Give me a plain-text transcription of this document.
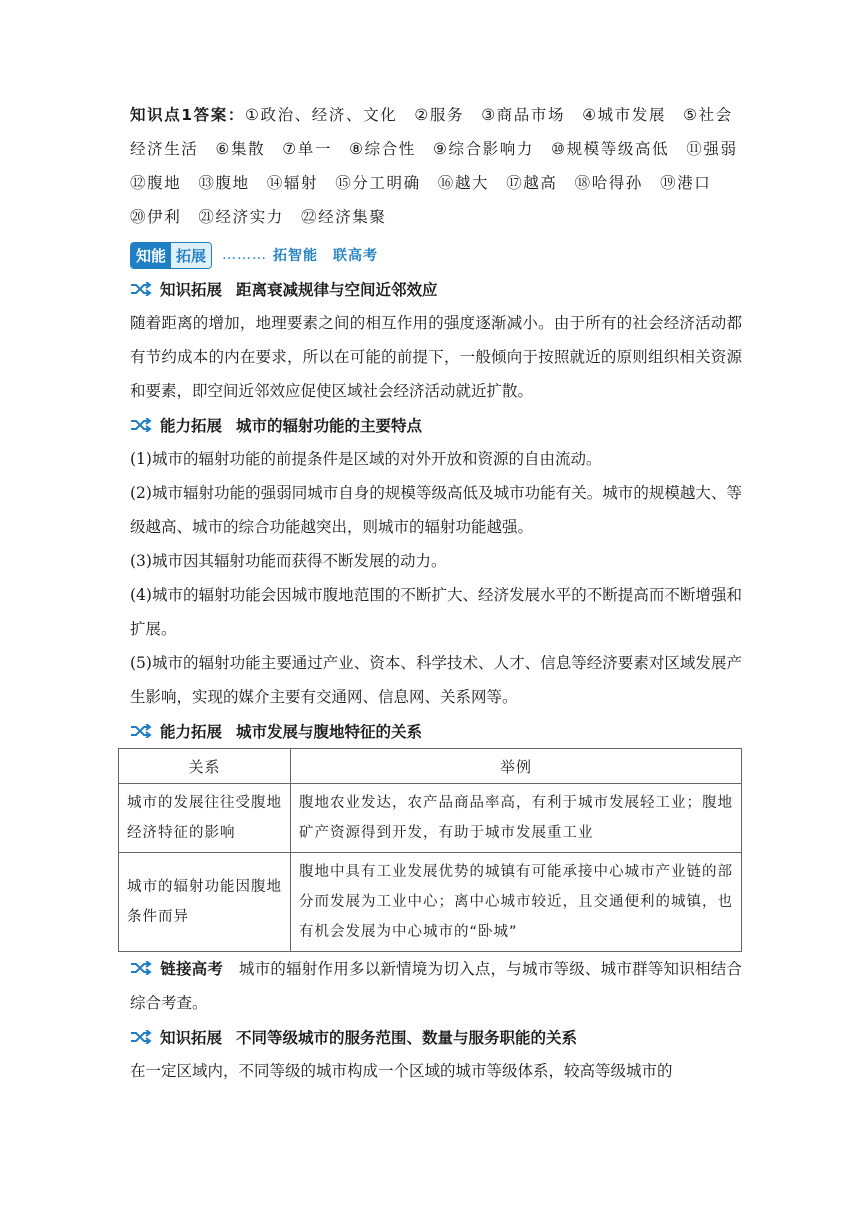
知识点1答案：①政治、经济、文化　②服务　③商品市场　④城市发展　⑤社会经济生活　⑥集散　⑦单一　⑧综合性　⑨综合影响力　⑩规模等级高低　⑪强弱　⑫腹地　⑬腹地　⑭辐射　⑮分工明确　⑯越大　⑰越高　⑱哈得孙　⑲港口　⑳伊利　㉑经济实力　㉒经济集聚
知能 拓展	……… 拓智能　联高考
知识拓展 距离衰减规律与空间近邻效应
随着距离的增加，地理要素之间的相互作用的强度逐渐减小。由于所有的社会经济活动都有节约成本的内在要求，所以在可能的前提下，一般倾向于按照就近的原则组织相关资源和要素，即空间近邻效应促使区域社会经济活动就近扩散。
能力拓展 城市的辐射功能的主要特点
(1)城市的辐射功能的前提条件是区域的对外开放和资源的自由流动。
(2)城市辐射功能的强弱同城市自身的规模等级高低及城市功能有关。城市的规模越大、等级越高、城市的综合功能越突出，则城市的辐射功能越强。
(3)城市因其辐射功能而获得不断发展的动力。
(4)城市的辐射功能会因城市腹地范围的不断扩大、经济发展水平的不断提高而不断增强和扩展。
(5)城市的辐射功能主要通过产业、资本、科学技术、人才、信息等经济要素对区域发展产生影响，实现的媒介主要有交通网、信息网、关系网等。
能力拓展 城市发展与腹地特征的关系
关系	举例
城市的发展往往受腹地经济特征的影响	腹地农业发达，农产品商品率高，有利于城市发展轻工业；腹地矿产资源得到开发，有助于城市发展重工业
城市的辐射功能因腹地条件而异	腹地中具有工业发展优势的城镇有可能承接中心城市产业链的部分而发展为工业中心；离中心城市较近，且交通便利的城镇，也有机会发展为中心城市的“卧城”
链接高考　 城市的辐射作用多以新情境为切入点，与城市等级、城市群等知识相结合综合考查。
知识拓展 不同等级城市的服务范围、数量与服务职能的关系
在一定区域内，不同等级的城市构成一个区域的城市等级体系，较高等级城市的
